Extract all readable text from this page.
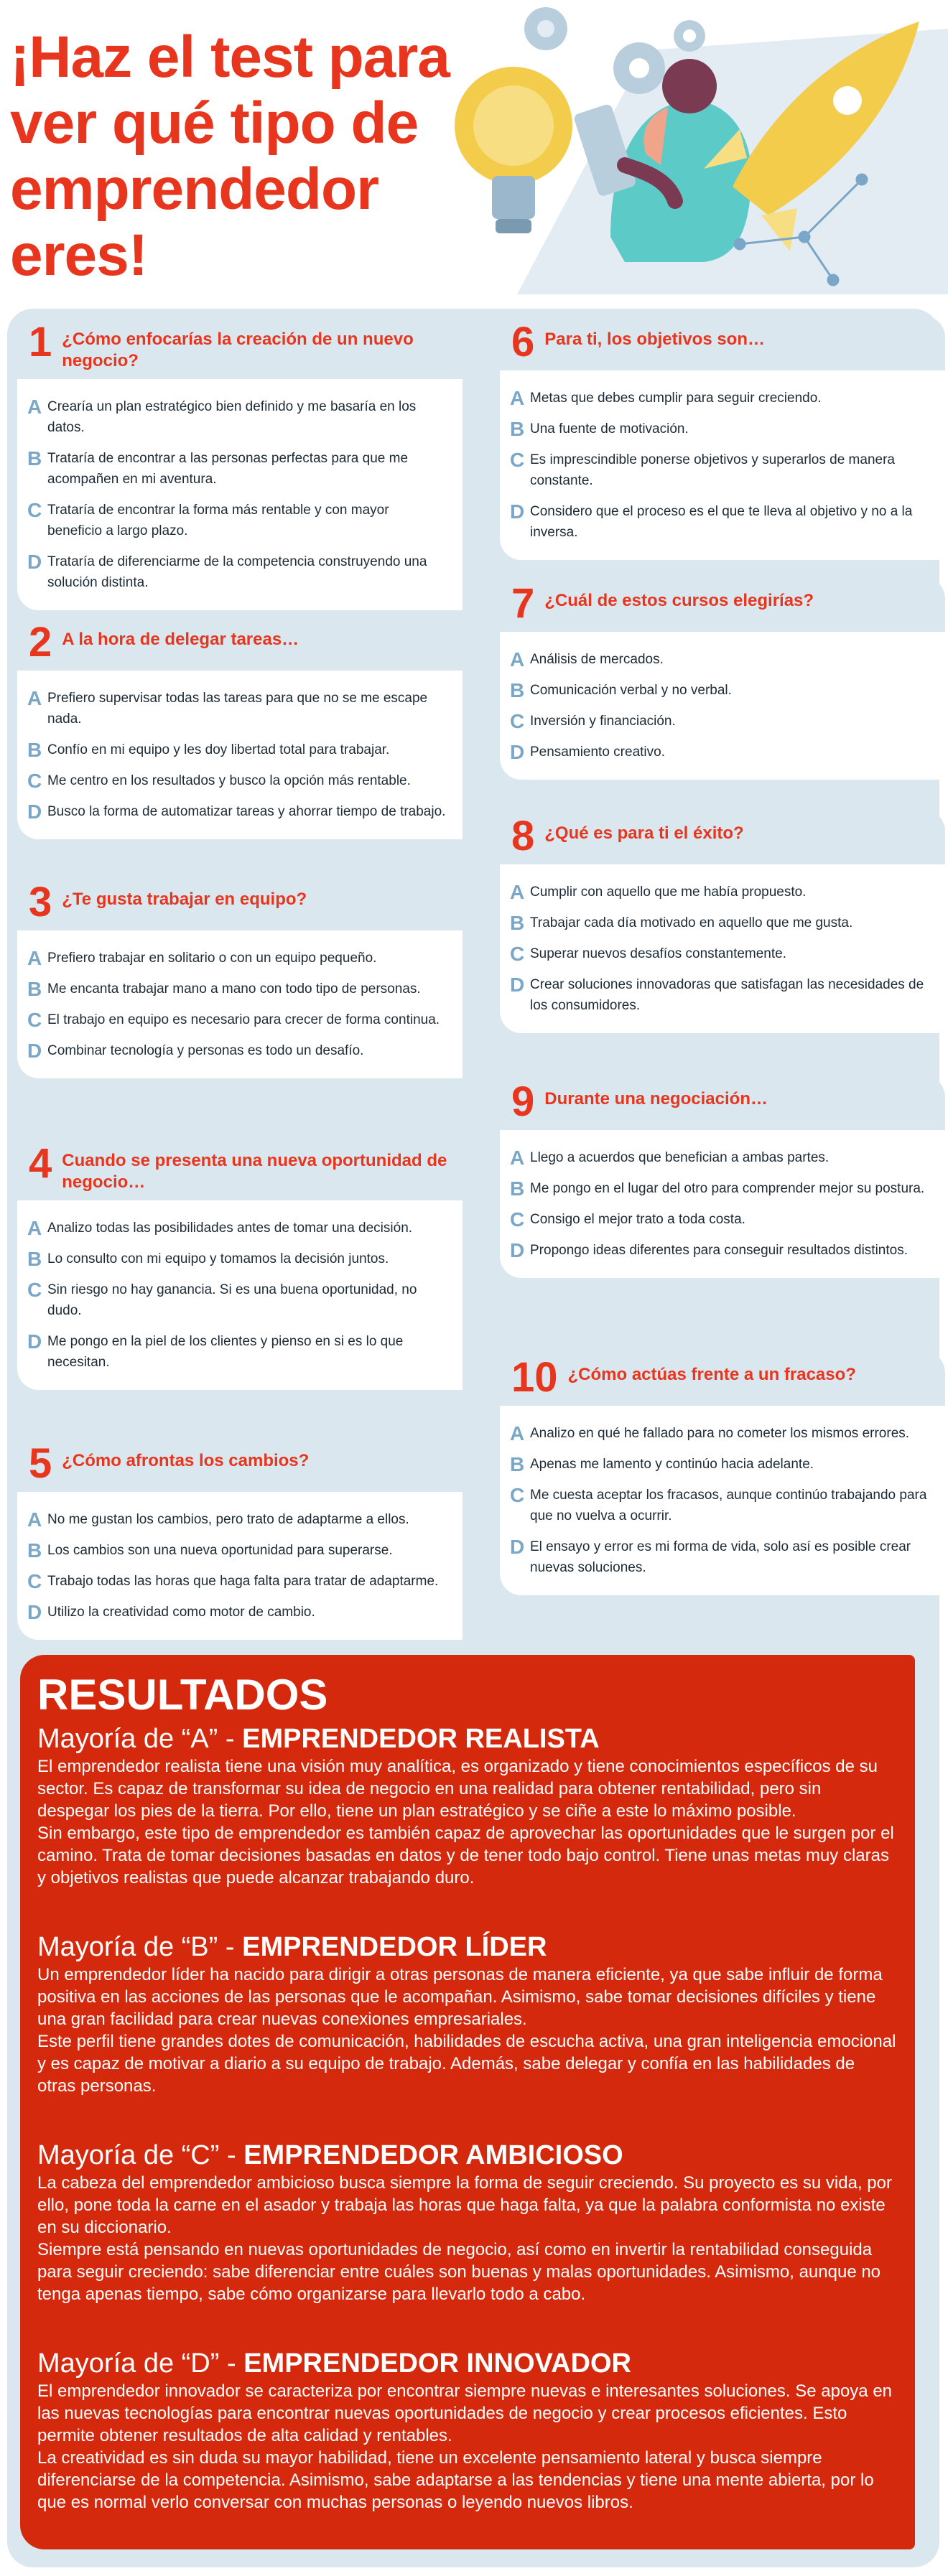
¡Haz el test para ver qué tipo de emprendedor eres!
1 ¿Cómo enfocarías la creación de un nuevo negocio?
A Crearía un plan estratégico bien definido y me basaría en los datos.
B Trataría de encontrar a las personas perfectas para que me acompañen en mi aventura.
C Trataría de encontrar la forma más rentable y con mayor beneficio a largo plazo.
D Trataría de diferenciarme de la competencia construyendo una solución distinta.
2 A la hora de delegar tareas…
A Prefiero supervisar todas las tareas para que no se me escape nada.
B Confío en mi equipo y les doy libertad total para trabajar.
C Me centro en los resultados y busco la opción más rentable.
D Busco la forma de automatizar tareas y ahorrar tiempo de trabajo.
3 ¿Te gusta trabajar en equipo?
A Prefiero trabajar en solitario o con un equipo pequeño.
B Me encanta trabajar mano a mano con todo tipo de personas.
C El trabajo en equipo es necesario para crecer de forma continua.
D Combinar tecnología y personas es todo un desafío.
4 Cuando se presenta una nueva oportunidad de negocio…
A Analizo todas las posibilidades antes de tomar una decisión.
B Lo consulto con mi equipo y tomamos la decisión juntos.
C Sin riesgo no hay ganancia. Si es una buena oportunidad, no dudo.
D Me pongo en la piel de los clientes y pienso en si es lo que necesitan.
5 ¿Cómo afrontas los cambios?
A No me gustan los cambios, pero trato de adaptarme a ellos.
B Los cambios son una nueva oportunidad para superarse.
C Trabajo todas las horas que haga falta para tratar de adaptarme.
D Utilizo la creatividad como motor de cambio.
6 Para ti, los objetivos son…
A Metas que debes cumplir para seguir creciendo.
B Una fuente de motivación.
C Es imprescindible ponerse objetivos y superarlos de manera constante.
D Considero que el proceso es el que te lleva al objetivo y no a la inversa.
7 ¿Cuál de estos cursos elegirías?
A Análisis de mercados.
B Comunicación verbal y no verbal.
C Inversión y financiación.
D Pensamiento creativo.
8 ¿Qué es para ti el éxito?
A Cumplir con aquello que me había propuesto.
B Trabajar cada día motivado en aquello que me gusta.
C Superar nuevos desafíos constantemente.
D Crear soluciones innovadoras que satisfagan las necesidades de los consumidores.
9 Durante una negociación…
A Llego a acuerdos que benefician a ambas partes.
B Me pongo en el lugar del otro para comprender mejor su postura.
C Consigo el mejor trato a toda costa.
D Propongo ideas diferentes para conseguir resultados distintos.
10 ¿Cómo actúas frente a un fracaso?
A Analizo en qué he fallado para no cometer los mismos errores.
B Apenas me lamento y continúo hacia adelante.
C Me cuesta aceptar los fracasos, aunque continúo trabajando para que no vuelva a ocurrir.
D El ensayo y error es mi forma de vida, solo así es posible crear nuevas soluciones.
RESULTADOS
Mayoría de “A” - EMPRENDEDOR REALISTA

El emprendedor realista tiene una visión muy analítica, es organizado y tiene conocimientos específicos de su sector. Es capaz de transformar su idea de negocio en una realidad para obtener rentabilidad, pero sin despegar los pies de la tierra. Por ello, tiene un plan estratégico y se ciñe a este lo máximo posible.

Sin embargo, este tipo de emprendedor es también capaz de aprovechar las oportunidades que le surgen por el camino. Trata de tomar decisiones basadas en datos y de tener todo bajo control. Tiene unas metas muy claras y objetivos realistas que puede alcanzar trabajando duro.

Mayoría de “B” - EMPRENDEDOR LÍDER

Un emprendedor líder ha nacido para dirigir a otras personas de manera eficiente, ya que sabe influir de forma positiva en las acciones de las personas que le acompañan. Asimismo, sabe tomar decisiones difíciles y tiene una gran facilidad para crear nuevas conexiones empresariales.

Este perfil tiene grandes dotes de comunicación, habilidades de escucha activa, una gran inteligencia emocional y es capaz de motivar a diario a su equipo de trabajo. Además, sabe delegar y confía en las habilidades de otras personas.

Mayoría de “C” - EMPRENDEDOR AMBICIOSO

La cabeza del emprendedor ambicioso busca siempre la forma de seguir creciendo. Su proyecto es su vida, por ello, pone toda la carne en el asador y trabaja las horas que haga falta, ya que la palabra conformista no existe en su diccionario.

Siempre está pensando en nuevas oportunidades de negocio, así como en invertir la rentabilidad conseguida para seguir creciendo: sabe diferenciar entre cuáles son buenas y malas oportunidades. Asimismo, aunque no tenga apenas tiempo, sabe cómo organizarse para llevarlo todo a cabo.

Mayoría de “D” - EMPRENDEDOR INNOVADOR

El emprendedor innovador se caracteriza por encontrar siempre nuevas e interesantes soluciones. Se apoya en las nuevas tecnologías para encontrar nuevas oportunidades de negocio y crear procesos eficientes. Esto permite obtener resultados de alta calidad y rentables.

La creatividad es sin duda su mayor habilidad, tiene un excelente pensamiento lateral y busca siempre diferenciarse de la competencia. Asimismo, sabe adaptarse a las tendencias y tiene una mente abierta, por lo que es normal verlo conversar con muchas personas o leyendo nuevos libros.
